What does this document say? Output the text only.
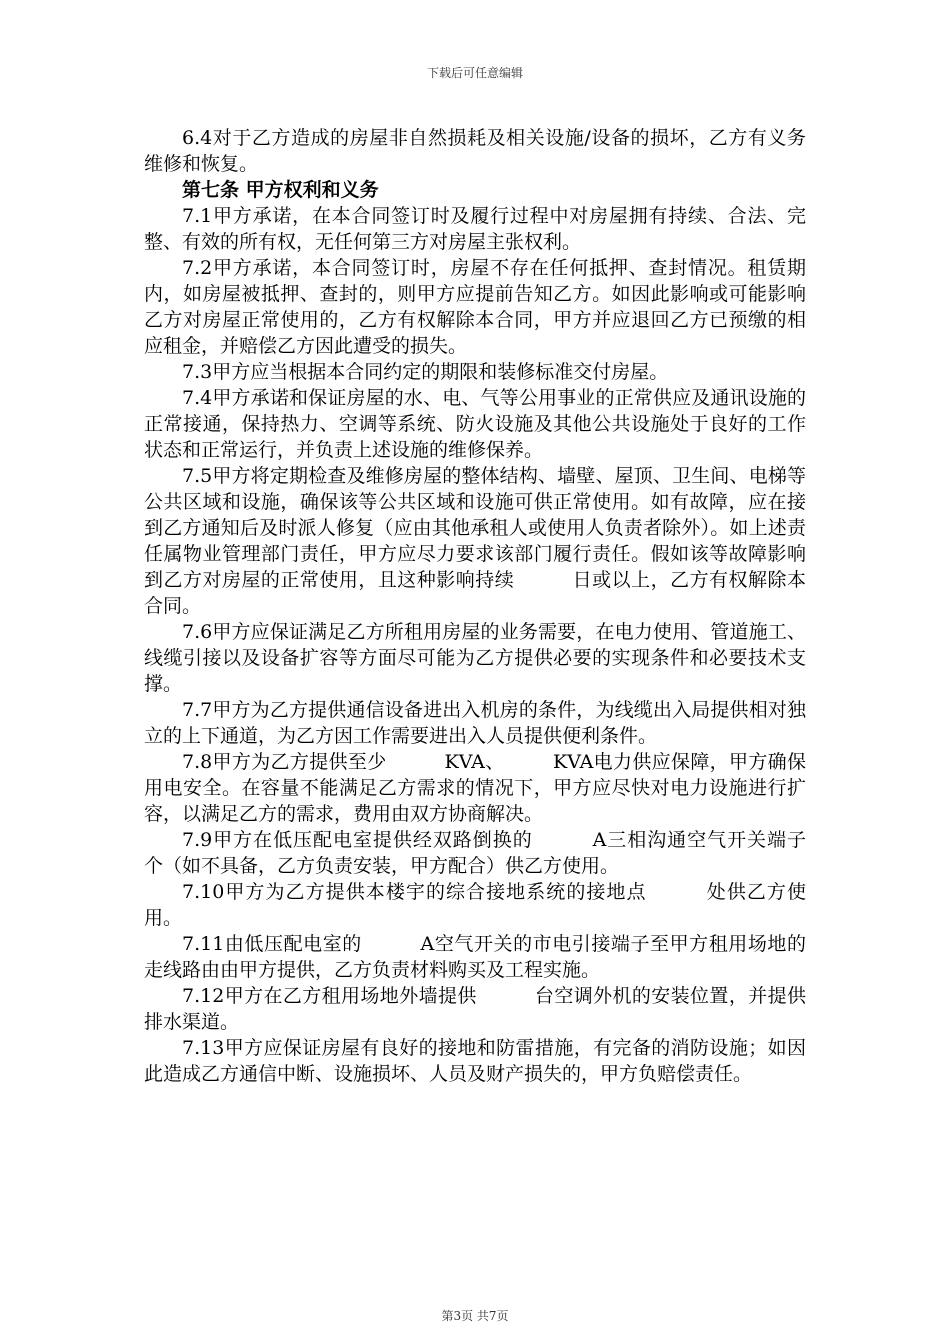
下载后可任意编辑

6.4对于乙方造成的房屋非自然损耗及相关设施/设备的损坏，乙方有义务维修和恢复。

第七条 甲方权利和义务

7.1甲方承诺，在本合同签订时及履行过程中对房屋拥有持续、合法、完整、有效的所有权，无任何第三方对房屋主张权利。

7.2甲方承诺，本合同签订时，房屋不存在任何抵押、查封情况。租赁期内，如房屋被抵押、查封的，则甲方应提前告知乙方。如因此影响或可能影响乙方对房屋正常使用的，乙方有权解除本合同，甲方并应退回乙方已预缴的相应租金，并赔偿乙方因此遭受的损失。

7.3甲方应当根据本合同约定的期限和装修标准交付房屋。

7.4甲方承诺和保证房屋的水、电、气等公用事业的正常供应及通讯设施的正常接通，保持热力、空调等系统、防火设施及其他公共设施处于良好的工作状态和正常运行，并负责上述设施的维修保养。

7.5甲方将定期检查及维修房屋的整体结构、墙壁、屋顶、卫生间、电梯等公共区域和设施，确保该等公共区域和设施可供正常使用。如有故障，应在接到乙方通知后及时派人修复（应由其他承租人或使用人负责者除外）。如上述责任属物业管理部门责任，甲方应尽力要求该部门履行责任。假如该等故障影响到乙方对房屋的正常使用，且这种影响持续　　　日或以上，乙方有权解除本合同。

7.6甲方应保证满足乙方所租用房屋的业务需要，在电力使用、管道施工、线缆引接以及设备扩容等方面尽可能为乙方提供必要的实现条件和必要技术支撑。

7.7甲方为乙方提供通信设备进出入机房的条件，为线缆出入局提供相对独立的上下通道，为乙方因工作需要进出入人员提供便利条件。

7.8甲方为乙方提供至少　　　KVA、　　　KVA电力供应保障，甲方确保用电安全。在容量不能满足乙方需求的情况下，甲方应尽快对电力设施进行扩容，以满足乙方的需求，费用由双方协商解决。

7.9甲方在低压配电室提供经双路倒换的　　　A三相沟通空气开关端子　　　个（如不具备，乙方负责安装，甲方配合）供乙方使用。

7.10甲方为乙方提供本楼宇的综合接地系统的接地点　　　处供乙方使用。

7.11由低压配电室的　　　A空气开关的市电引接端子至甲方租用场地的走线路由由甲方提供，乙方负责材料购买及工程实施。

7.12甲方在乙方租用场地外墙提供　　　台空调外机的安装位置，并提供排水渠道。

7.13甲方应保证房屋有良好的接地和防雷措施，有完备的消防设施；如因此造成乙方通信中断、设施损坏、人员及财产损失的，甲方负赔偿责任。

第3页 共7页
